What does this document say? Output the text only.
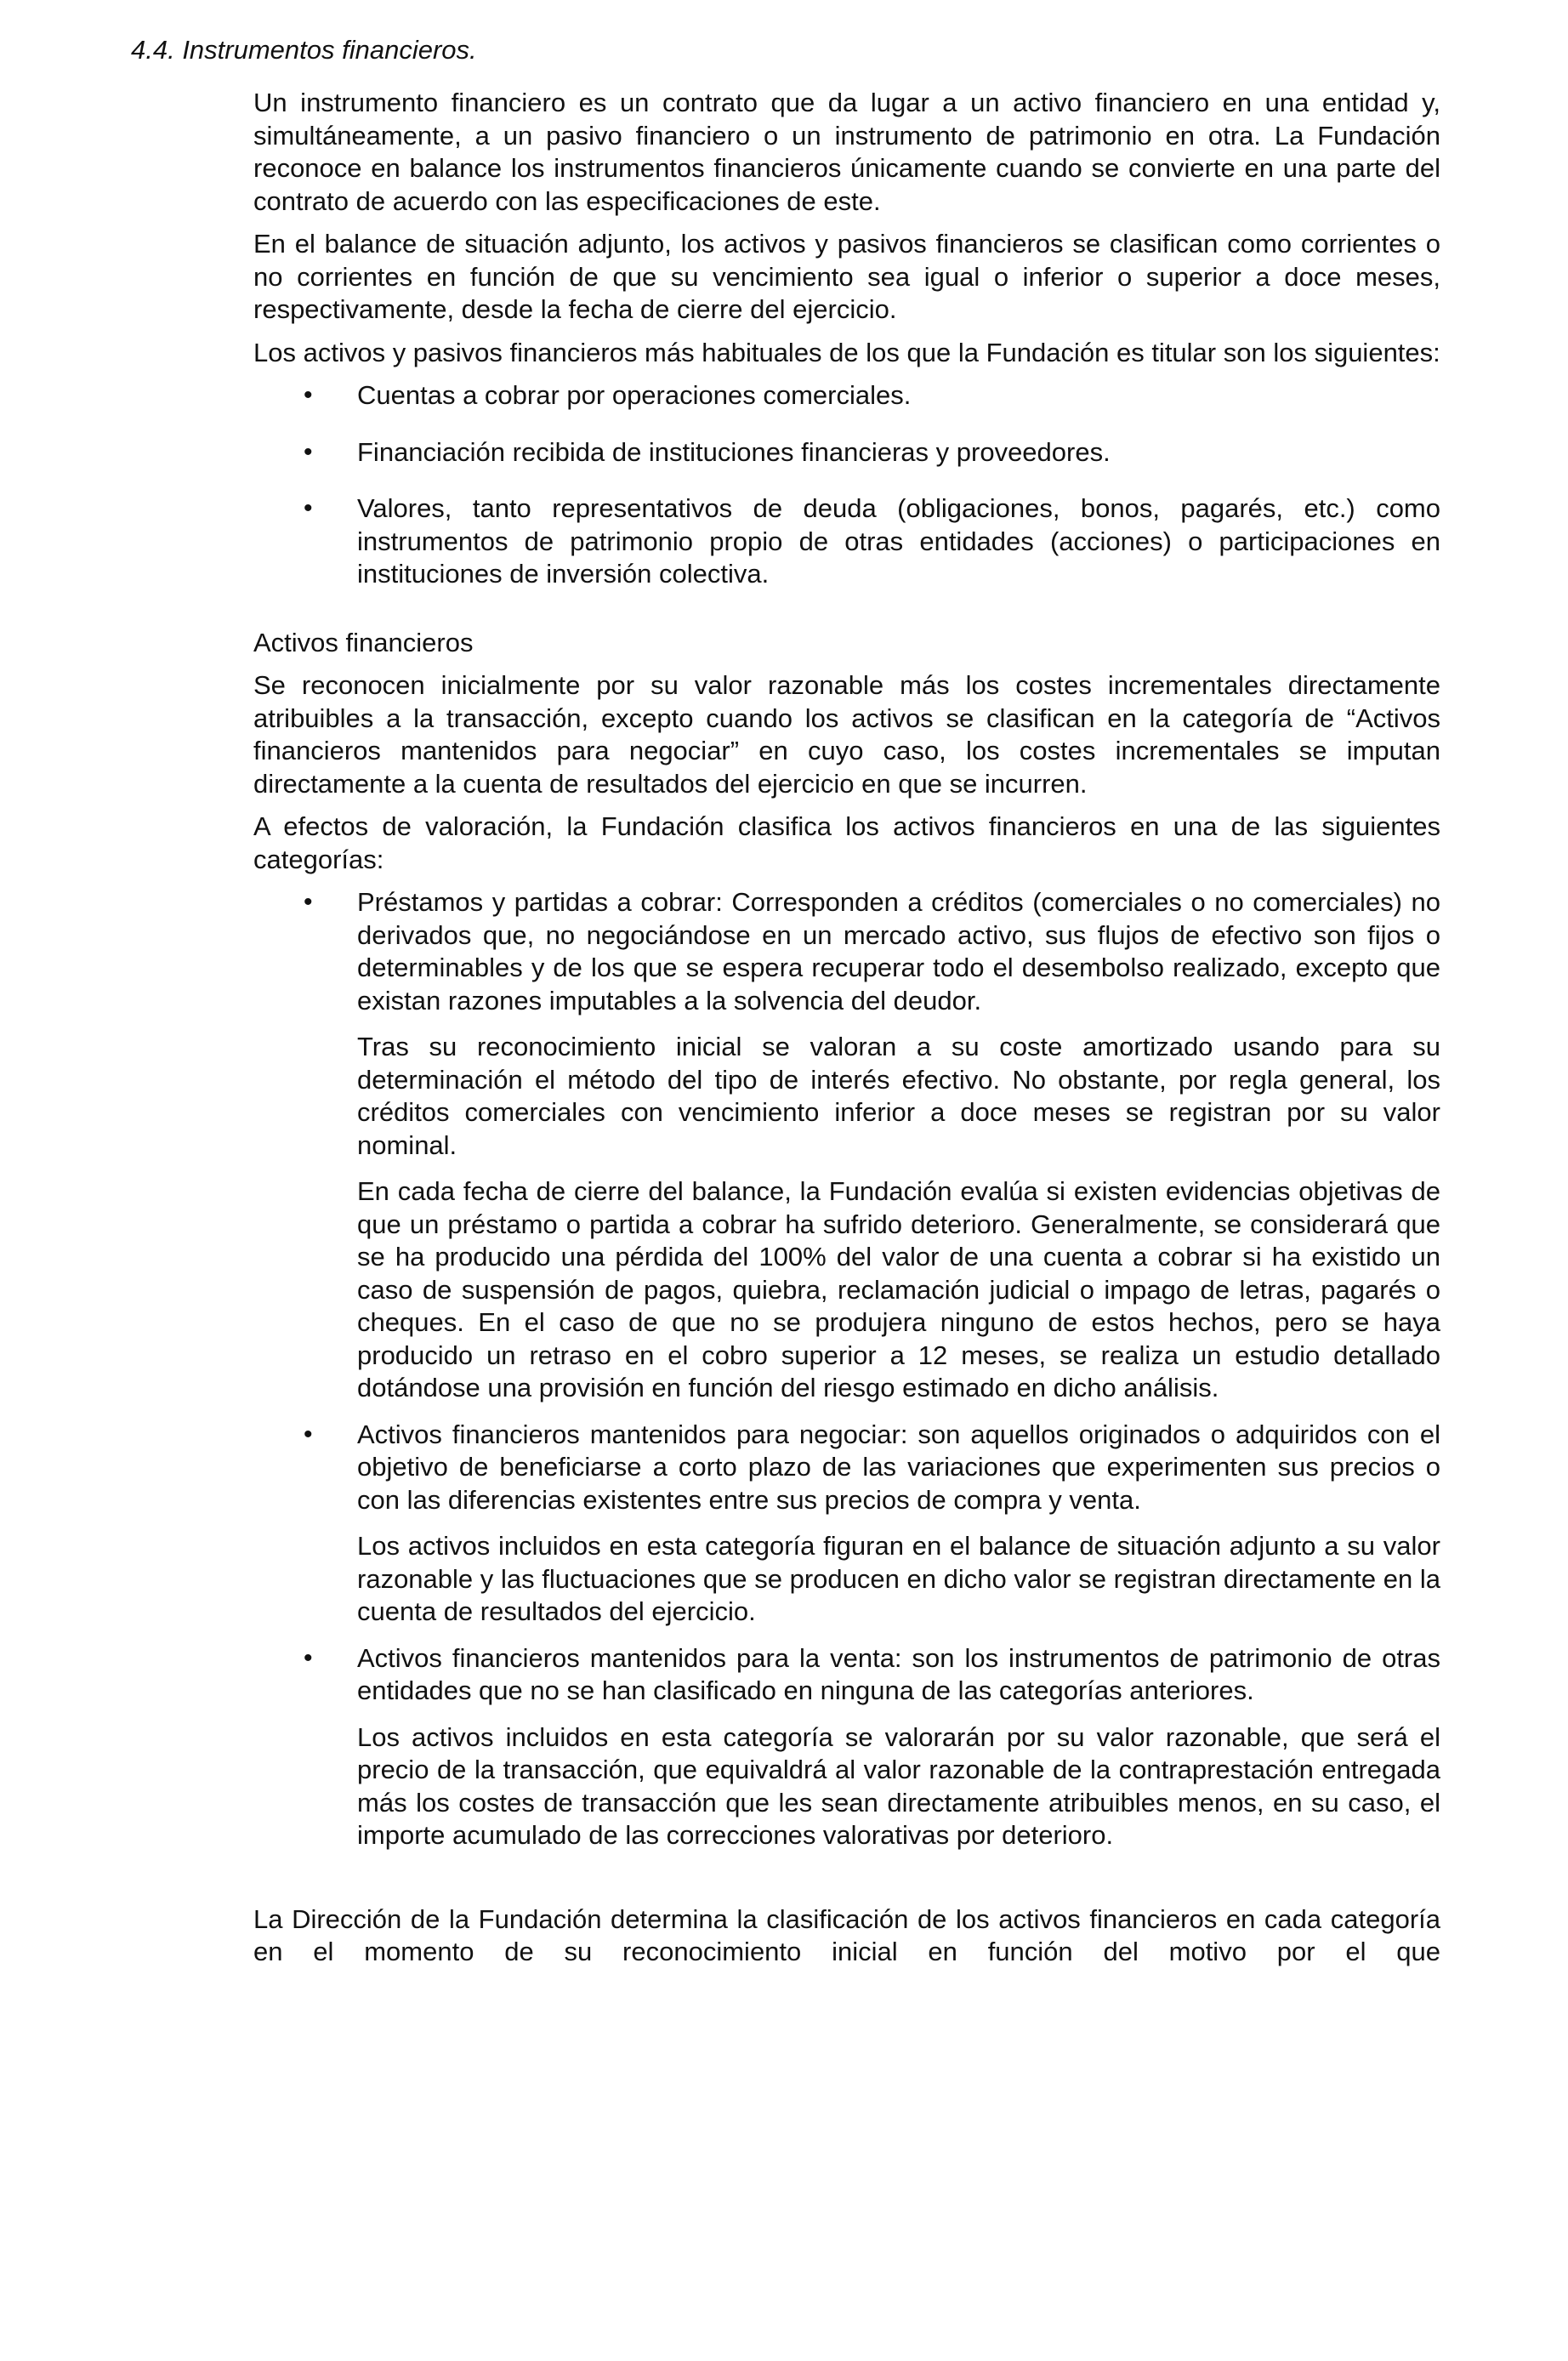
4.4. Instrumentos financieros.

Un instrumento financiero es un contrato que da lugar a un activo financiero en una entidad y, simultáneamente, a un pasivo financiero o un instrumento de patrimonio en otra. La Fundación reconoce en balance los instrumentos financieros únicamente cuando se convierte en una parte del contrato de acuerdo con las especificaciones de este.

En el balance de situación adjunto, los activos y pasivos financieros se clasifican como corrientes o no corrientes en función de que su vencimiento sea igual o inferior o superior a doce meses, respectivamente, desde la fecha de cierre del ejercicio.

Los activos y pasivos financieros más habituales de los que la Fundación es titular son los siguientes:

• Cuentas a cobrar por operaciones comerciales.
• Financiación recibida de instituciones financieras y proveedores.
• Valores, tanto representativos de deuda (obligaciones, bonos, pagarés, etc.) como instrumentos de patrimonio propio de otras entidades (acciones) o participaciones en instituciones de inversión colectiva.

Activos financieros

Se reconocen inicialmente por su valor razonable más los costes incrementales directamente atribuibles a la transacción, excepto cuando los activos se clasifican en la categoría de “Activos financieros mantenidos para negociar” en cuyo caso, los costes incrementales se imputan directamente a la cuenta de resultados del ejercicio en que se incurren.

A efectos de valoración, la Fundación clasifica los activos financieros en una de las siguientes categorías:

• Préstamos y partidas a cobrar: Corresponden a créditos (comerciales o no comerciales) no derivados que, no negociándose en un mercado activo, sus flujos de efectivo son fijos o determinables y de los que se espera recuperar todo el desembolso realizado, excepto que existan razones imputables a la solvencia del deudor.

Tras su reconocimiento inicial se valoran a su coste amortizado usando para su determinación el método del tipo de interés efectivo. No obstante, por regla general, los créditos comerciales con vencimiento inferior a doce meses se registran por su valor nominal.

En cada fecha de cierre del balance, la Fundación evalúa si existen evidencias objetivas de que un préstamo o partida a cobrar ha sufrido deterioro. Generalmente, se considerará que se ha producido una pérdida del 100% del valor de una cuenta a cobrar si ha existido un caso de suspensión de pagos, quiebra, reclamación judicial o impago de letras, pagarés o cheques. En el caso de que no se produjera ninguno de estos hechos, pero se haya producido un retraso en el cobro superior a 12 meses, se realiza un estudio detallado dotándose una provisión en función del riesgo estimado en dicho análisis.

• Activos financieros mantenidos para negociar: son aquellos originados o adquiridos con el objetivo de beneficiarse a corto plazo de las variaciones que experimenten sus precios o con las diferencias existentes entre sus precios de compra y venta.

Los activos incluidos en esta categoría figuran en el balance de situación adjunto a su valor razonable y las fluctuaciones que se producen en dicho valor se registran directamente en la cuenta de resultados del ejercicio.

• Activos financieros mantenidos para la venta: son los instrumentos de patrimonio de otras entidades que no se han clasificado en ninguna de las categorías anteriores.

Los activos incluidos en esta categoría se valorarán por su valor razonable, que será el precio de la transacción, que equivaldrá al valor razonable de la contraprestación entregada más los costes de transacción que les sean directamente atribuibles menos, en su caso, el importe acumulado de las correcciones valorativas por deterioro.

La Dirección de la Fundación determina la clasificación de los activos financieros en cada categoría en el momento de su reconocimiento inicial en función del motivo por el que
